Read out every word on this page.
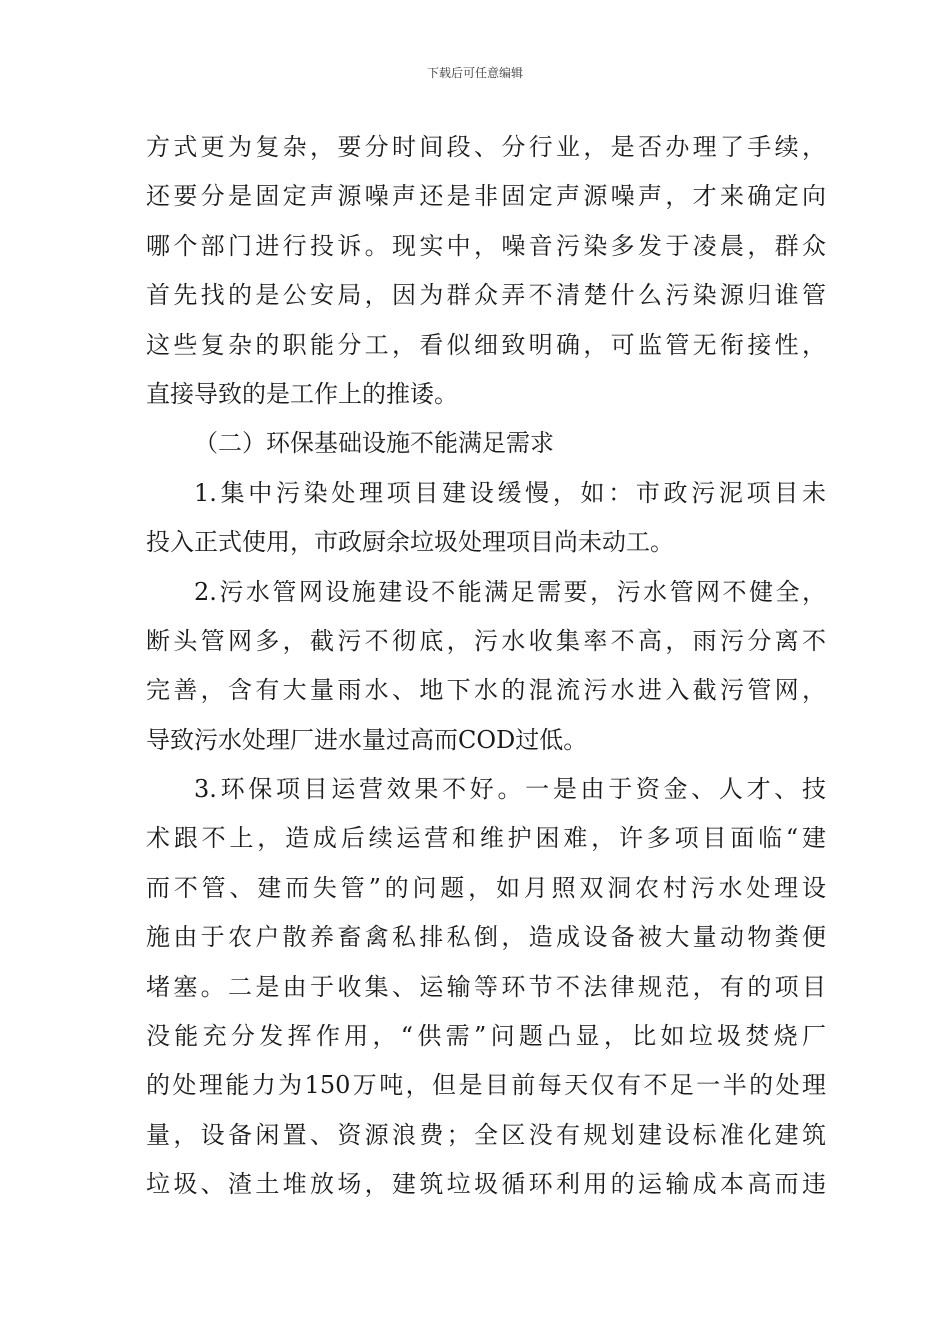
下载后可任意编辑
方式更为复杂，要分时间段、分行业，是否办理了手续，
还要分是固定声源噪声还是非固定声源噪声，才来确定向
哪个部门进行投诉。现实中，噪音污染多发于凌晨，群众
首先找的是公安局，因为群众弄不清楚什么污染源归谁管
这些复杂的职能分工，看似细致明确，可监管无衔接性，
直接导致的是工作上的推诿。
（二）环保基础设施不能满足需求
1.集中污染处理项目建设缓慢，如：市政污泥项目未
投入正式使用，市政厨余垃圾处理项目尚未动工。
2.污水管网设施建设不能满足需要，污水管网不健全，
断头管网多，截污不彻底，污水收集率不高，雨污分离不
完善，含有大量雨水、地下水的混流污水进入截污管网，
导致污水处理厂进水量过高而COD过低。
3.环保项目运营效果不好。一是由于资金、人才、技
术跟不上，造成后续运营和维护困难，许多项目面临“建
而不管、建而失管”的问题，如月照双洞农村污水处理设
施由于农户散养畜禽私排私倒，造成设备被大量动物粪便
堵塞。二是由于收集、运输等环节不法律规范，有的项目
没能充分发挥作用，“供需”问题凸显，比如垃圾焚烧厂
的处理能力为150万吨，但是目前每天仅有不足一半的处理
量，设备闲置、资源浪费；全区没有规划建设标准化建筑
垃圾、渣土堆放场，建筑垃圾循环利用的运输成本高而违
